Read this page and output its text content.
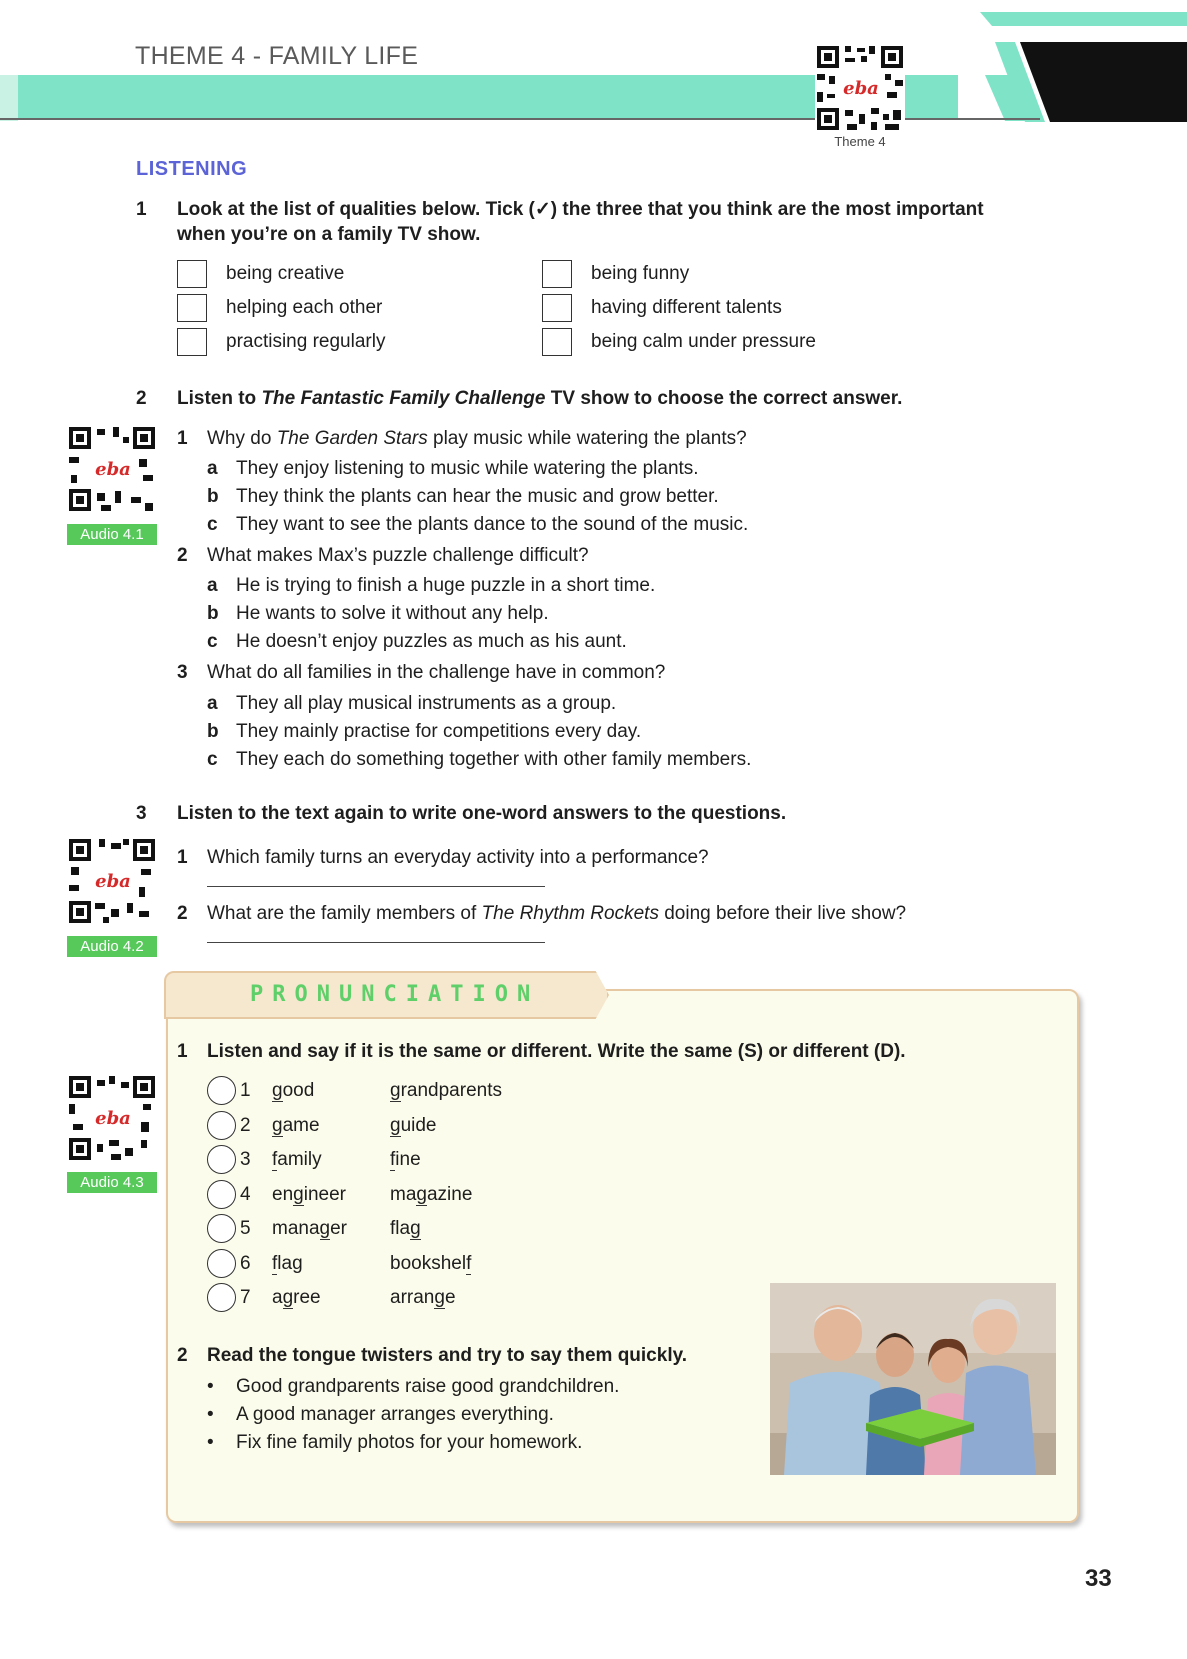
THEME 4 - FAMILY LIFE
eba
Theme 4
LISTENING
1 Look at the list of qualities below. Tick (✓) the three that you think are the most important
when you’re on a family TV show.
being creative
helping each other
practising regularly
being funny
having different talents
being calm under pressure
2 Listen to The Fantastic Family Challenge TV show to choose the correct answer.
eba
Audio 4.1
1 Why do The Garden Stars play music while watering the plants?
a They enjoy listening to music while watering the plants.
b They think the plants can hear the music and grow better.
c They want to see the plants dance to the sound of the music.
2 What makes Max’s puzzle challenge difficult?
a He is trying to finish a huge puzzle in a short time.
b He wants to solve it without any help.
c He doesn’t enjoy puzzles as much as his aunt.
3 What do all families in the challenge have in common?
a They all play musical instruments as a group.
b They mainly practise for competitions every day.
c They each do something together with other family members.
3 Listen to the text again to write one-word answers to the questions.
eba
Audio 4.2
1 Which family turns an everyday activity into a performance?
2 What are the family members of The Rhythm Rockets doing before their live show?
PRONUNCIATION
1 Listen and say if it is the same or different. Write the same (S) or different (D).
eba
Audio 4.3
1 good	grandparents
2 game	guide
3 family	fine
4 engineer magazine
5 manager flag
6 flag	bookshelf
7 agree	arrange
2 Read the tongue twisters and try to say them quickly.
• Good grandparents raise good grandchildren.
• A good manager arranges everything.
• Fix fine family photos for your homework.
33
